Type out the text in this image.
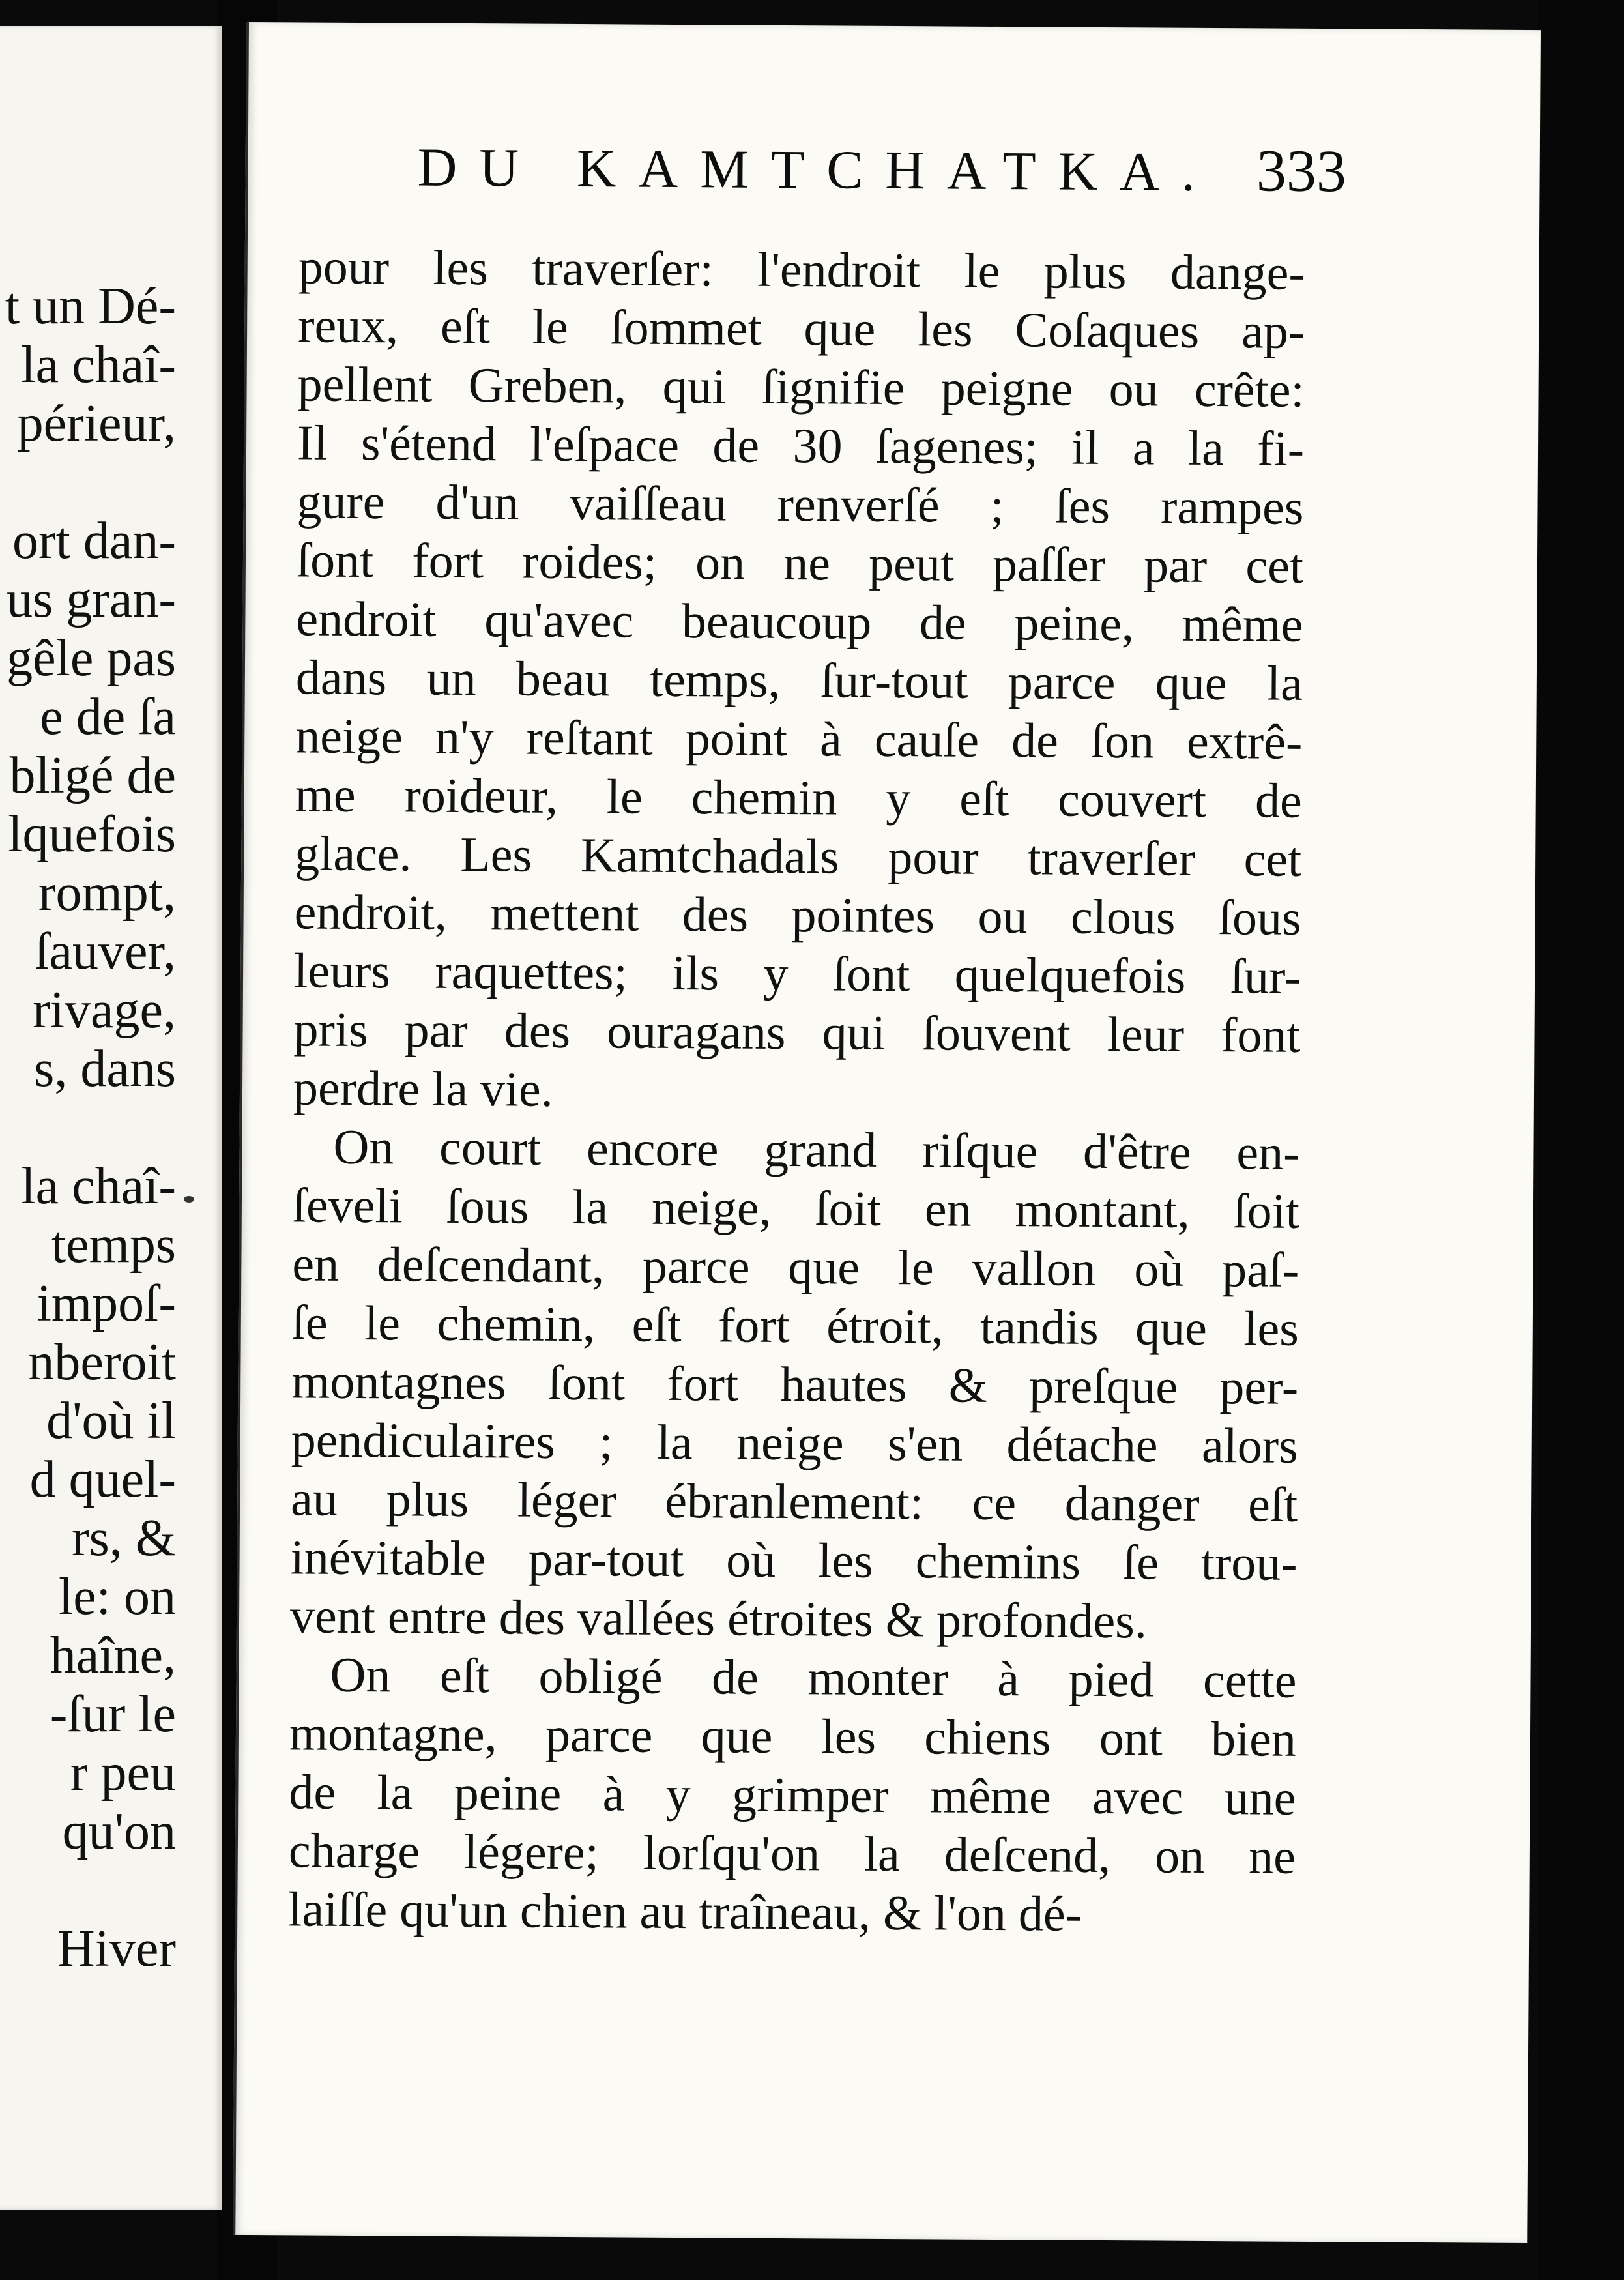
t un Dé-
la chaî-
périeur,
ort dan-
us gran-
gêle pas
e de ſa
bligé de
lquefois
rompt,
ſauver,
rivage,
s, dans
la chaî-
temps
impoſ-
nberoit
d'où il
d quel-
rs, &
le: on
haîne,
-ſur le
r peu
qu'on
Hiver
DU KAMTCHATKA. 333
pour les traverſer: l'endroit le plus dange-
reux, eſt le ſommet que les Coſaques ap-
pellent Greben, qui ſignifie peigne ou crête:
Il s'étend l'eſpace de 30 ſagenes; il a la fi-
gure d'un vaiſſeau renverſé ; ſes rampes
ſont fort roides; on ne peut paſſer par cet
endroit qu'avec beaucoup de peine, même
dans un beau temps, ſur-tout parce que la
neige n'y reſtant point à cauſe de ſon extrê-
me roideur, le chemin y eſt couvert de
glace. Les Kamtchadals pour traverſer cet
endroit, mettent des pointes ou clous ſous
leurs raquettes; ils y ſont quelquefois ſur-
pris par des ouragans qui ſouvent leur font
perdre la vie.
On court encore grand riſque d'être en-
ſeveli ſous la neige, ſoit en montant, ſoit
en deſcendant, parce que le vallon où paſ-
ſe le chemin, eſt fort étroit, tandis que les
montagnes ſont fort hautes & preſque per-
pendiculaires ; la neige s'en détache alors
au plus léger ébranlement: ce danger eſt
inévitable par-tout où les chemins ſe trou-
vent entre des vallées étroites & profondes.
On eſt obligé de monter à pied cette
montagne, parce que les chiens ont bien
de la peine à y grimper même avec une
charge légere; lorſqu'on la deſcend, on ne
laiſſe qu'un chien au traîneau, & l'on dé-
